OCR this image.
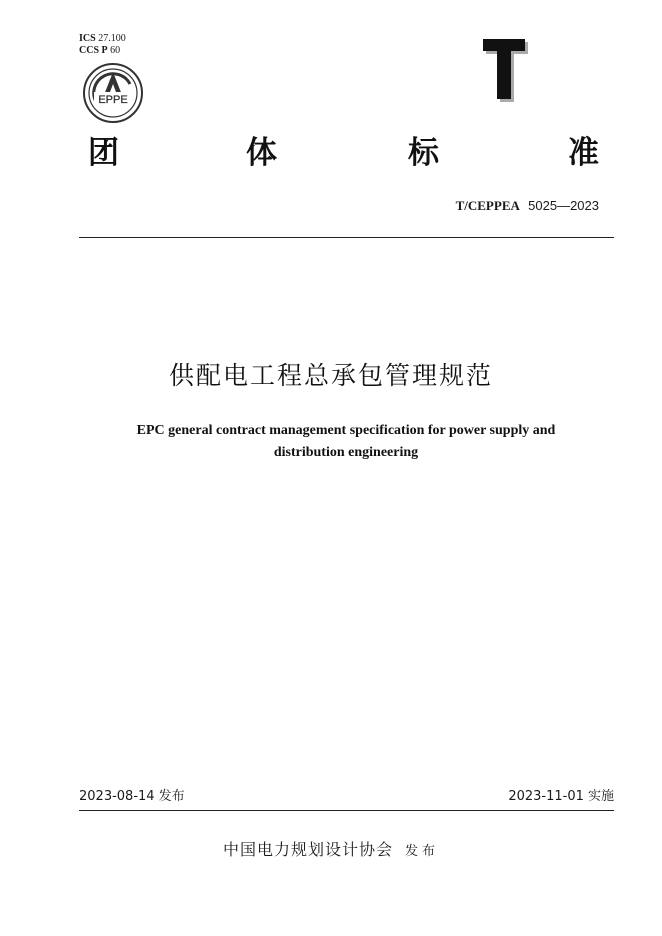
ICS 27.100
CCS P 60
EPPE
团	体	标	准
T/CEPPEA 5025—2023
供配电工程总承包管理规范
EPC general contract management specification for power supply and
distribution engineering
2023-08-14 发布	2023-11-01 实施
中国电力规划设计协会 发布
